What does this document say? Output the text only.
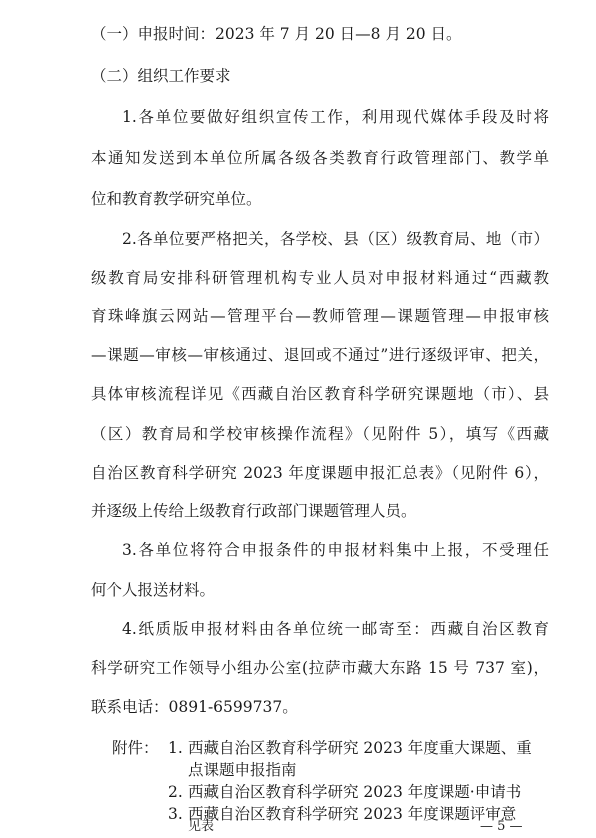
（一）申报时间：2023 年 7 月 20 日—8 月 20 日。
（二）组织工作要求
1.各单位要做好组织宣传工作，利用现代媒体手段及时将
本通知发送到本单位所属各级各类教育行政管理部门、教学单
位和教育教学研究单位。
2.各单位要严格把关，各学校、县（区）级教育局、地（市）
级教育局安排科研管理机构专业人员对申报材料通过“西藏教
育珠峰旗云网站—管理平台—教师管理—课题管理—申报审核
—课题—审核—审核通过、退回或不通过”进行逐级评审、把关，
具体审核流程详见《西藏自治区教育科学研究课题地（市）、县
（区）教育局和学校审核操作流程》（见附件 5），填写《西藏
自治区教育科学研究 2023 年度课题申报汇总表》（见附件 6），
并逐级上传给上级教育行政部门课题管理人员。
3.各单位将符合申报条件的申报材料集中上报，不受理任
何个人报送材料。
4.纸质版申报材料由各单位统一邮寄至：西藏自治区教育
科学研究工作领导小组办公室(拉萨市藏大东路 15 号 737 室)，
联系电话：0891-6599737。
附件： 1. 西藏自治区教育科学研究 2023 年度重大课题、重
点课题申报指南
2. 西藏自治区教育科学研究 2023 年度课题·申请书
3. 西藏自治区教育科学研究 2023 年度课题评审意
见表	— 5 —
